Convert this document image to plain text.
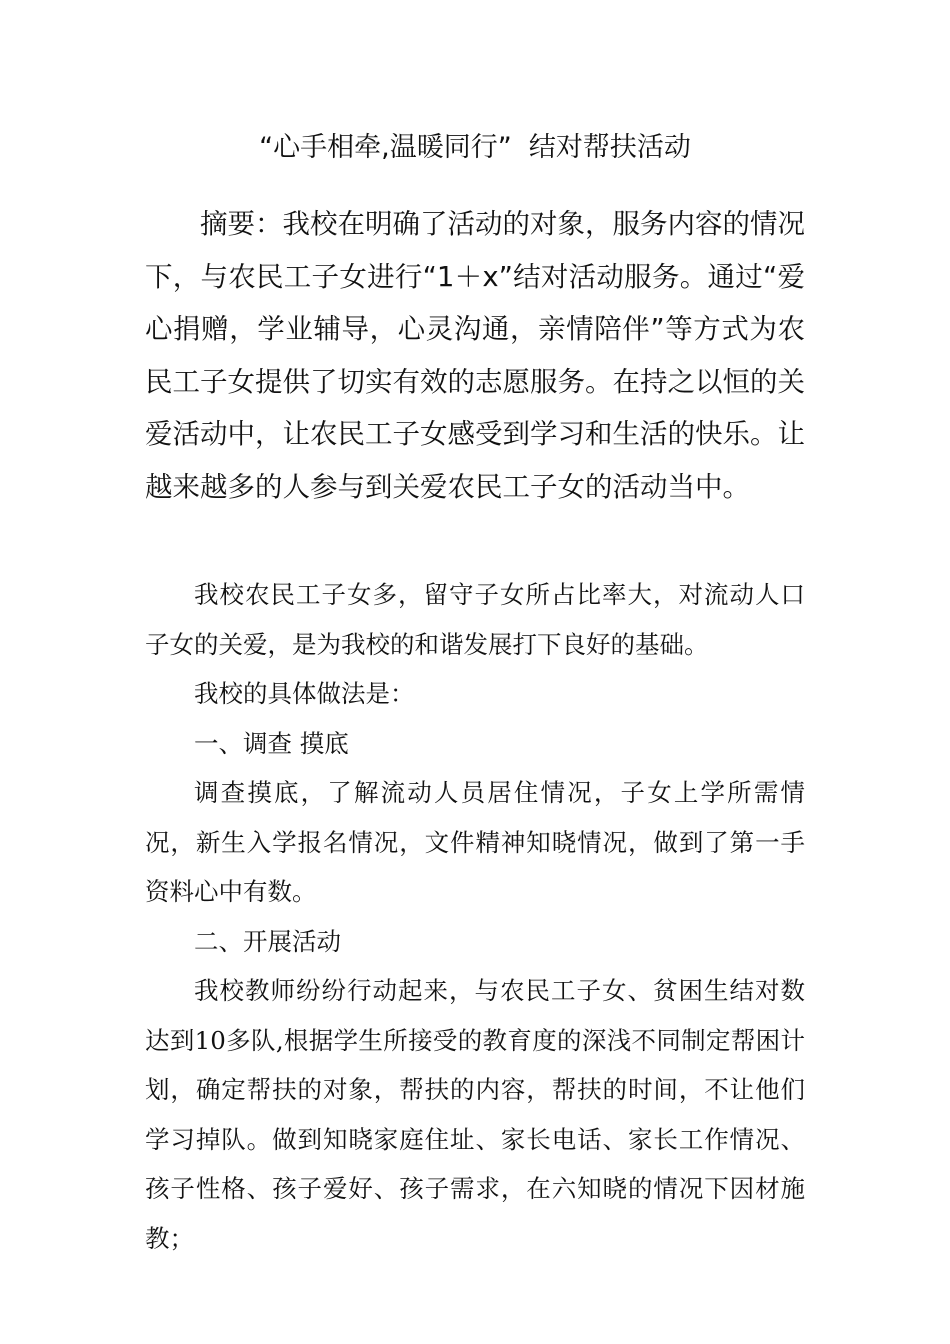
“心手相牵,温暖同行”  结对帮扶活动
摘要：我校在明确了活动的对象，服务内容的情况下，与农民工子女进行“1＋x”结对活动服务。通过“爱心捐赠，学业辅导，心灵沟通，亲情陪伴”等方式为农民工子女提供了切实有效的志愿服务。在持之以恒的关爱活动中，让农民工子女感受到学习和生活的快乐。让越来越多的人参与到关爱农民工子女的活动当中。

我校农民工子女多，留守子女所占比率大，对流动人口子女的关爱，是为我校的和谐发展打下良好的基础。

我校的具体做法是：

一、调查 摸底

调查摸底，了解流动人员居住情况，子女上学所需情况，新生入学报名情况，文件精神知晓情况，做到了第一手资料心中有数。

二、开展活动

我校教师纷纷行动起来，与农民工子女、贫困生结对数达到10多队,根据学生所接受的教育度的深浅不同制定帮困计划，确定帮扶的对象，帮扶的内容，帮扶的时间，不让他们学习掉队。做到知晓家庭住址、家长电话、家长工作情况、孩子性格、孩子爱好、孩子需求，在六知晓的情况下因材施教；
